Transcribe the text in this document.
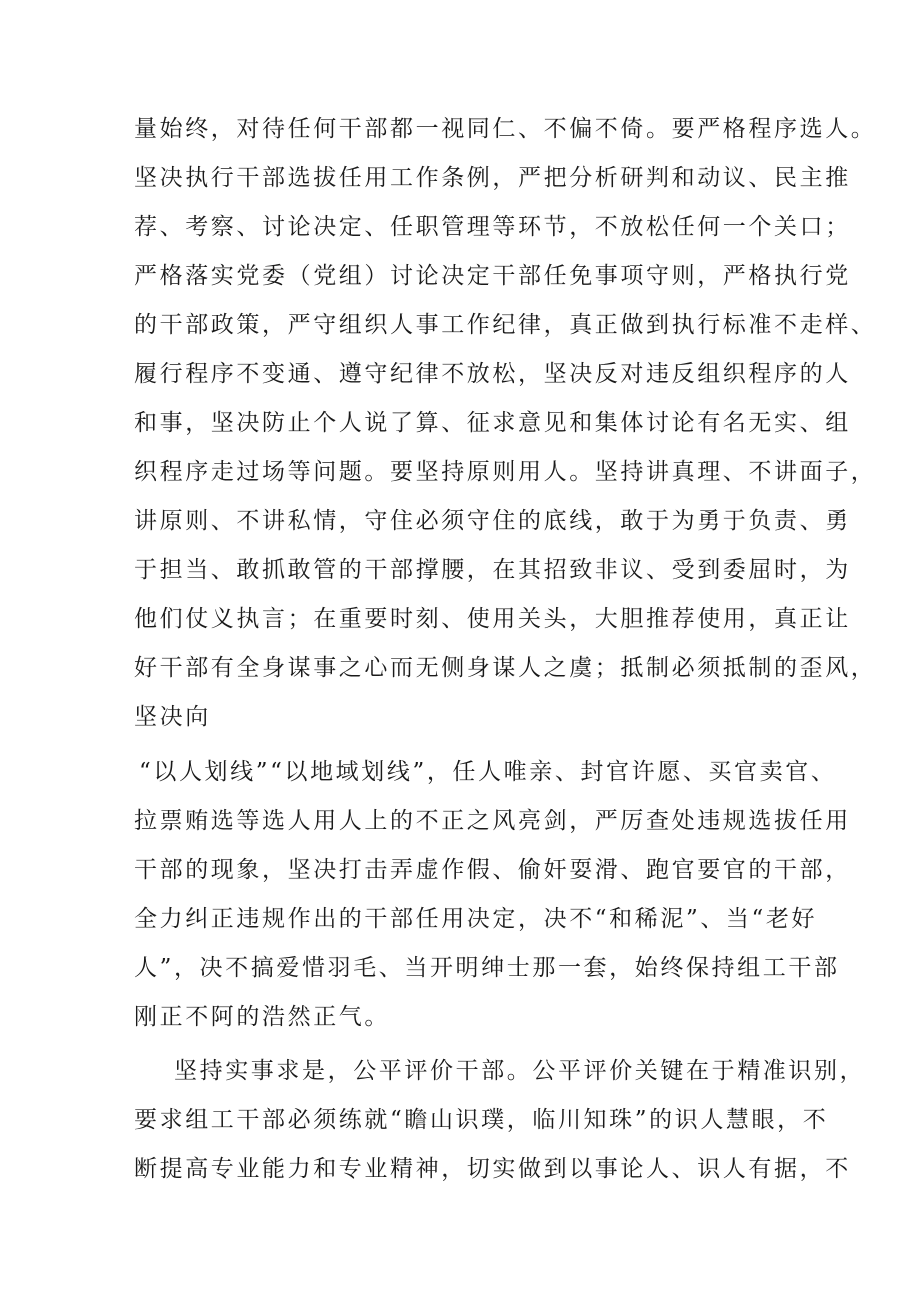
量始终，对待任何干部都一视同仁、不偏不倚。要严格程序选人。
坚决执行干部选拔任用工作条例，严把分析研判和动议、民主推
荐、考察、讨论决定、任职管理等环节，不放松任何一个关口；
严格落实党委（党组）讨论决定干部任免事项守则，严格执行党
的干部政策，严守组织人事工作纪律，真正做到执行标准不走样、
履行程序不变通、遵守纪律不放松，坚决反对违反组织程序的人
和事，坚决防止个人说了算、征求意见和集体讨论有名无实、组
织程序走过场等问题。要坚持原则用人。坚持讲真理、不讲面子，
讲原则、不讲私情，守住必须守住的底线，敢于为勇于负责、勇
于担当、敢抓敢管的干部撑腰，在其招致非议、受到委屈时，为
他们仗义执言；在重要时刻、使用关头，大胆推荐使用，真正让
好干部有全身谋事之心而无侧身谋人之虞；抵制必须抵制的歪风，
坚决向
“以人划线”“以地域划线”，任人唯亲、封官许愿、买官卖官、
拉票贿选等选人用人上的不正之风亮剑，严厉查处违规选拔任用
干部的现象，坚决打击弄虚作假、偷奸耍滑、跑官要官的干部，
全力纠正违规作出的干部任用决定，决不“和稀泥”、当“老好
人”，决不搞爱惜羽毛、当开明绅士那一套，始终保持组工干部
刚正不阿的浩然正气。
坚持实事求是，公平评价干部。公平评价关键在于精准识别，
要求组工干部必须练就“瞻山识璞，临川知珠”的识人慧眼，不
断提高专业能力和专业精神，切实做到以事论人、识人有据，不
